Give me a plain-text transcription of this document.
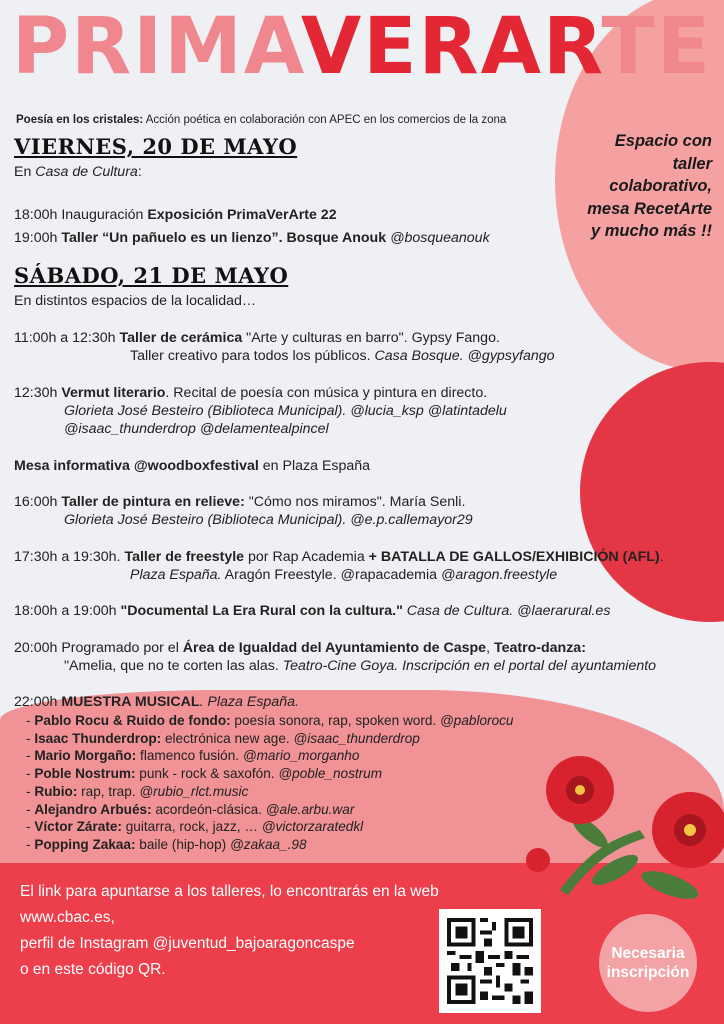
PRIMAVERARTE
Poesía en los cristales: Acción poética en colaboración con APEC en los comercios de la zona
Espacio con
taller
colaborativo,
mesa RecetArte
y mucho más !!
VIERNES, 20 DE MAYO
En Casa de Cultura:
18:00h Inauguración Exposición PrimaVerArte 22
19:00h Taller “Un pañuelo es un lienzo”. Bosque Anouk @bosqueanouk
SÁBADO, 21 DE MAYO
En distintos espacios de la localidad…
11:00h a 12:30h Taller de cerámica "Arte y culturas en barro". Gypsy Fango.
Taller creativo para todos los públicos. Casa Bosque. @gypsyfango
12:30h Vermut literario. Recital de poesía con música y pintura en directo.
Glorieta José Besteiro (Biblioteca Municipal). @lucia_ksp @latintadelu
@isaac_thunderdrop @delamentealpincel
Mesa informativa @woodboxfestival en Plaza España
16:00h Taller de pintura en relieve: "Cómo nos miramos". María Senli.
Glorieta José Besteiro (Biblioteca Municipal). @e.p.callemayor29
17:30h a 19:30h. Taller de freestyle por Rap Academia + BATALLA DE GALLOS/EXHIBICIÓN (AFL).
Plaza España. Aragón Freestyle. @rapacademia @aragon.freestyle
18:00h a 19:00h "Documental La Era Rural con la cultura." Casa de Cultura. @laerarural.es
20:00h Programado por el Área de Igualdad del Ayuntamiento de Caspe, Teatro-danza:
"Amelia, que no te corten las alas. Teatro-Cine Goya. Inscripción en el portal del ayuntamiento
22:00h MUESTRA MUSICAL. Plaza España.
- Pablo Rocu & Ruido de fondo: poesía sonora, rap, spoken word. @pablorocu
- Isaac Thunderdrop: electrónica new age. @isaac_thunderdrop
- Mario Morgaño: flamenco fusión. @mario_morganho
- Poble Nostrum: punk - rock & saxofón. @poble_nostrum
- Rubio: rap, trap. @rubio_rlct.music
- Alejandro Arbués: acordeón-clásica. @ale.arbu.war
- Víctor Zárate: guitarra, rock, jazz, … @victorzaratedkl
- Popping Zakaa: baile (hip-hop) @zakaa_.98
El link para apuntarse a los talleres, lo encontrarás en la web
www.cbac.es,
perfil de Instagram @juventud_bajoaragoncaspe
o en este código QR.
Necesaria
inscripción
